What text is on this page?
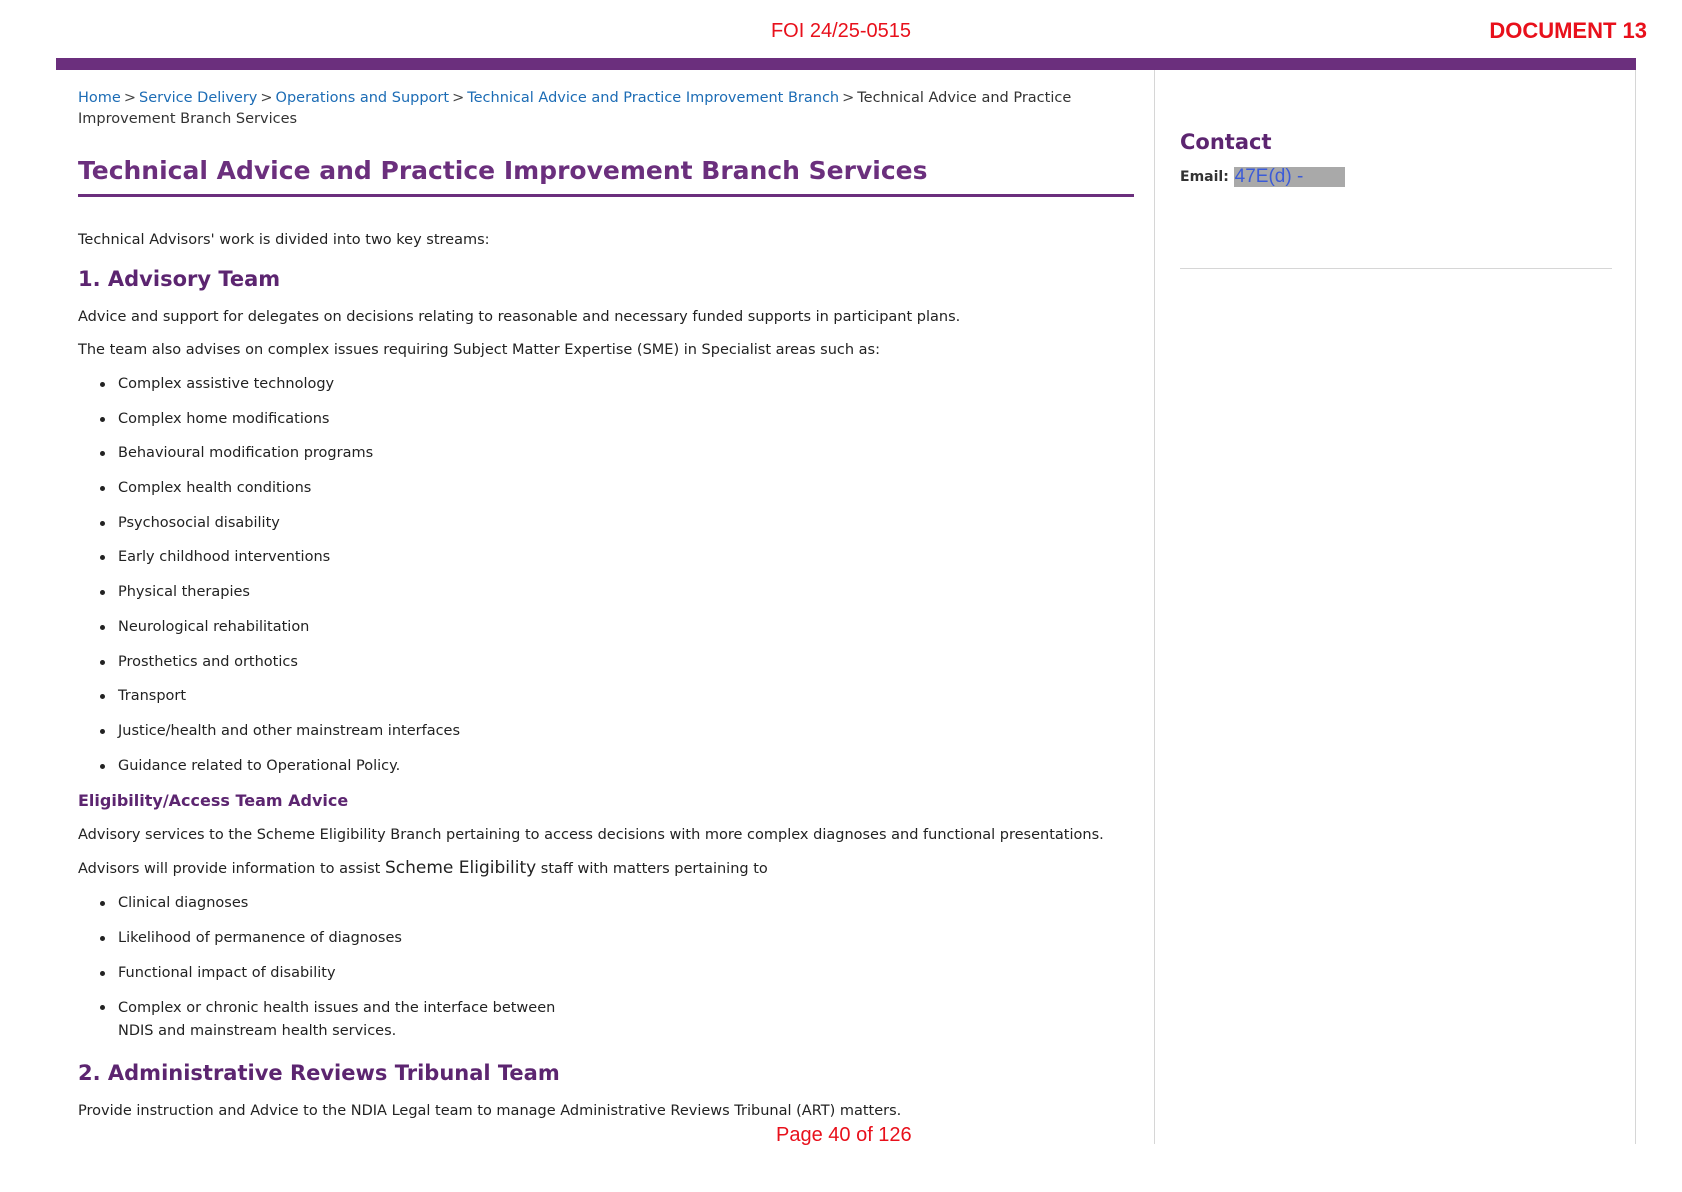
FOI 24/25-0515	DOCUMENT 13
Home > Service Delivery > Operations and Support > Technical Advice and Practice Improvement Branch > Technical Advice and Practice Improvement Branch Services
Technical Advice and Practice Improvement Branch Services

Technical Advisors' work is divided into two key streams:

1. Advisory Team

Advice and support for delegates on decisions relating to reasonable and necessary funded supports in participant plans.

The team also advises on complex issues requiring Subject Matter Expertise (SME) in Specialist areas such as:

Complex assistive technology
Complex home modifications
Behavioural modification programs
Complex health conditions
Psychosocial disability
Early childhood interventions
Physical therapies
Neurological rehabilitation
Prosthetics and orthotics
Transport
Justice/health and other mainstream interfaces
Guidance related to Operational Policy.
Eligibility/Access Team Advice

Advisory services to the Scheme Eligibility Branch pertaining to access decisions with more complex diagnoses and functional presentations.

Advisors will provide information to assist Scheme Eligibility staff with matters pertaining to

Clinical diagnoses
Likelihood of permanence of diagnoses
Functional impact of disability
Complex or chronic health issues and the interface between NDIS and mainstream health services.
2. Administrative Reviews Tribunal Team

Provide instruction and Advice to the NDIA Legal team to manage Administrative Reviews Tribunal (ART) matters.

Contact
Email: 47E(d) -
Page 40 of 126
